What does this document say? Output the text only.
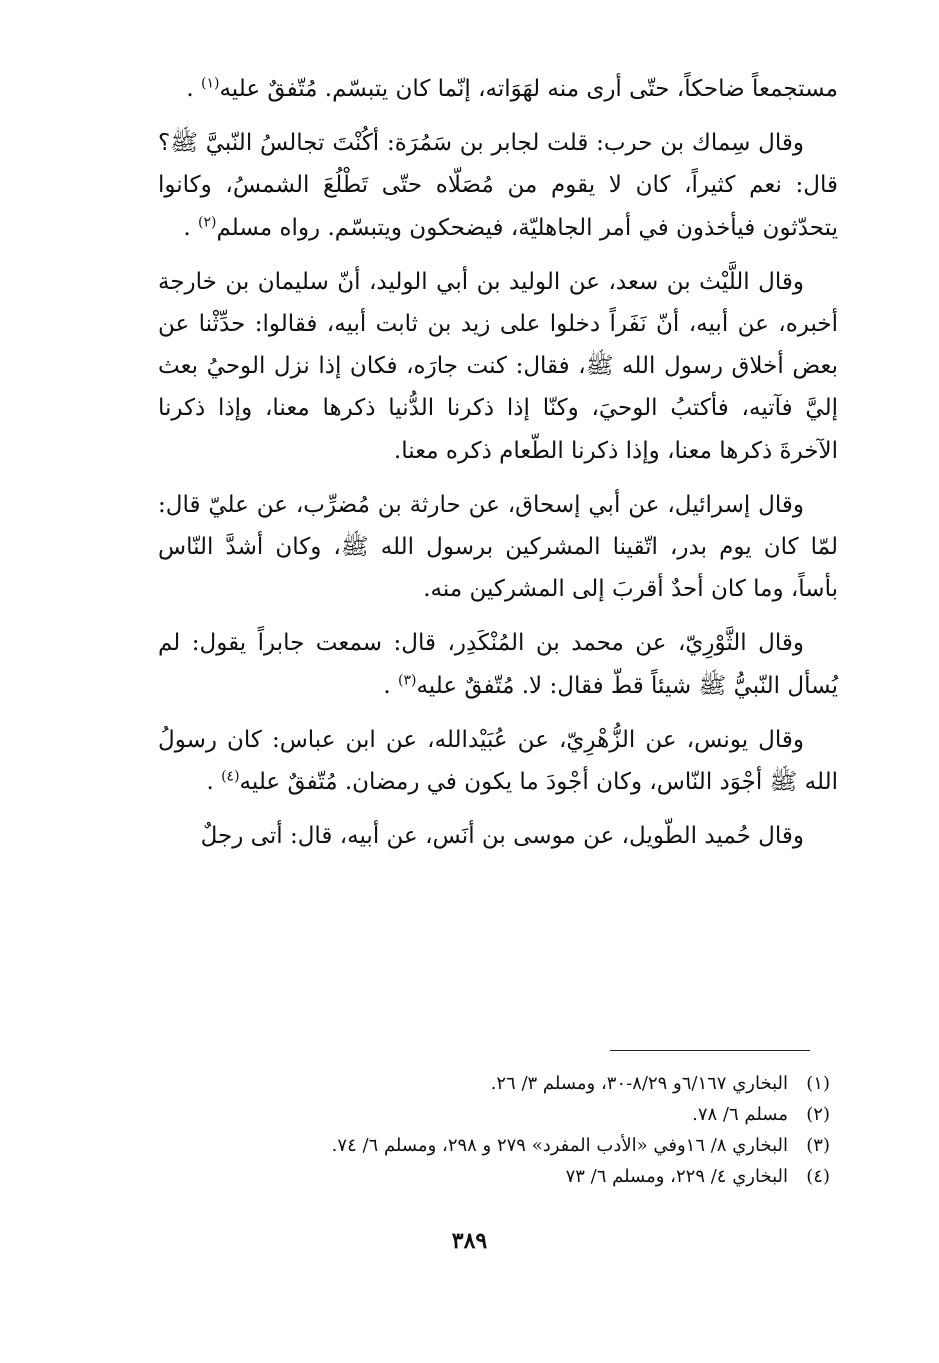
مستجمعاً ضاحكاً، حتّى أرى منه لهَوَاته، إنّما كان يتبسّم. مُتّفقٌ عليه$^{(١)}$ .

وقال سِماك بن حرب: قلت لجابر بن سَمُرَة: أكُنْتَ تجالسُ النّبيَّ ﷺ؟ قال: نعم كثيراً، كان لا يقوم من مُصَلّاه حتّى تَطْلُعَ الشمسُ، وكانوا يتحدّثون فيأخذون في أمر الجاهليّة، فيضحكون ويتبسّم. رواه مسلم$^{(٢)}$ .

وقال اللَّيْث بن سعد، عن الوليد بن أبي الوليد، أنّ سليمان بن خارجة أخبره، عن أبيه، أنّ نَفَراً دخلوا على زيد بن ثابت أبيه، فقالوا: حدِّثْنا عن بعض أخلاق رسول الله ﷺ، فقال: كنت جارَه، فكان إذا نزل الوحيُ بعث إليَّ فآتيه، فأكتبُ الوحيَ، وكنّا إذا ذكرنا الدُّنيا ذكرها معنا، وإذا ذكرنا الآخرةَ ذكرها معنا، وإذا ذكرنا الطّعام ذكره معنا.

وقال إسرائيل، عن أبي إسحاق، عن حارثة بن مُضرِّب، عن عليّ قال: لمّا كان يوم بدر، اتّقينا المشركين برسول الله ﷺ، وكان أشدَّ النّاس بأساً، وما كان أحدٌ أقربَ إلى المشركين منه.

وقال الثَّوْرِيّ، عن محمد بن المُنْكَدِر، قال: سمعت جابراً يقول: لم يُسأل النّبيُّ ﷺ شيئاً قطّ فقال: لا. مُتّفقٌ عليه$^{(٣)}$ .

وقال يونس، عن الزُّهْرِيّ، عن عُبَيْدالله، عن ابن عباس: كان رسولُ الله ﷺ أجْوَد النّاس، وكان أجْودَ ما يكون في رمضان. مُتّفقٌ عليه$^{(٤)}$ .

وقال حُميد الطّويل، عن موسى بن أنَس، عن أبيه، قال: أتى رجلٌ

(١)البخاري ٦/١٦٧و ٨/٢٩-٣٠، ومسلم ٣/ ٢٦.
(٢)مسلم ٦/ ٧٨.
(٣)البخاري ٨/ ١٦وفي «الأدب المفرد» ٢٧٩ و ٢٩٨، ومسلم ٦/ ٧٤.
(٤)البخاري ٤/ ٢٢٩، ومسلم ٦/ ٧٣
٣٨٩
